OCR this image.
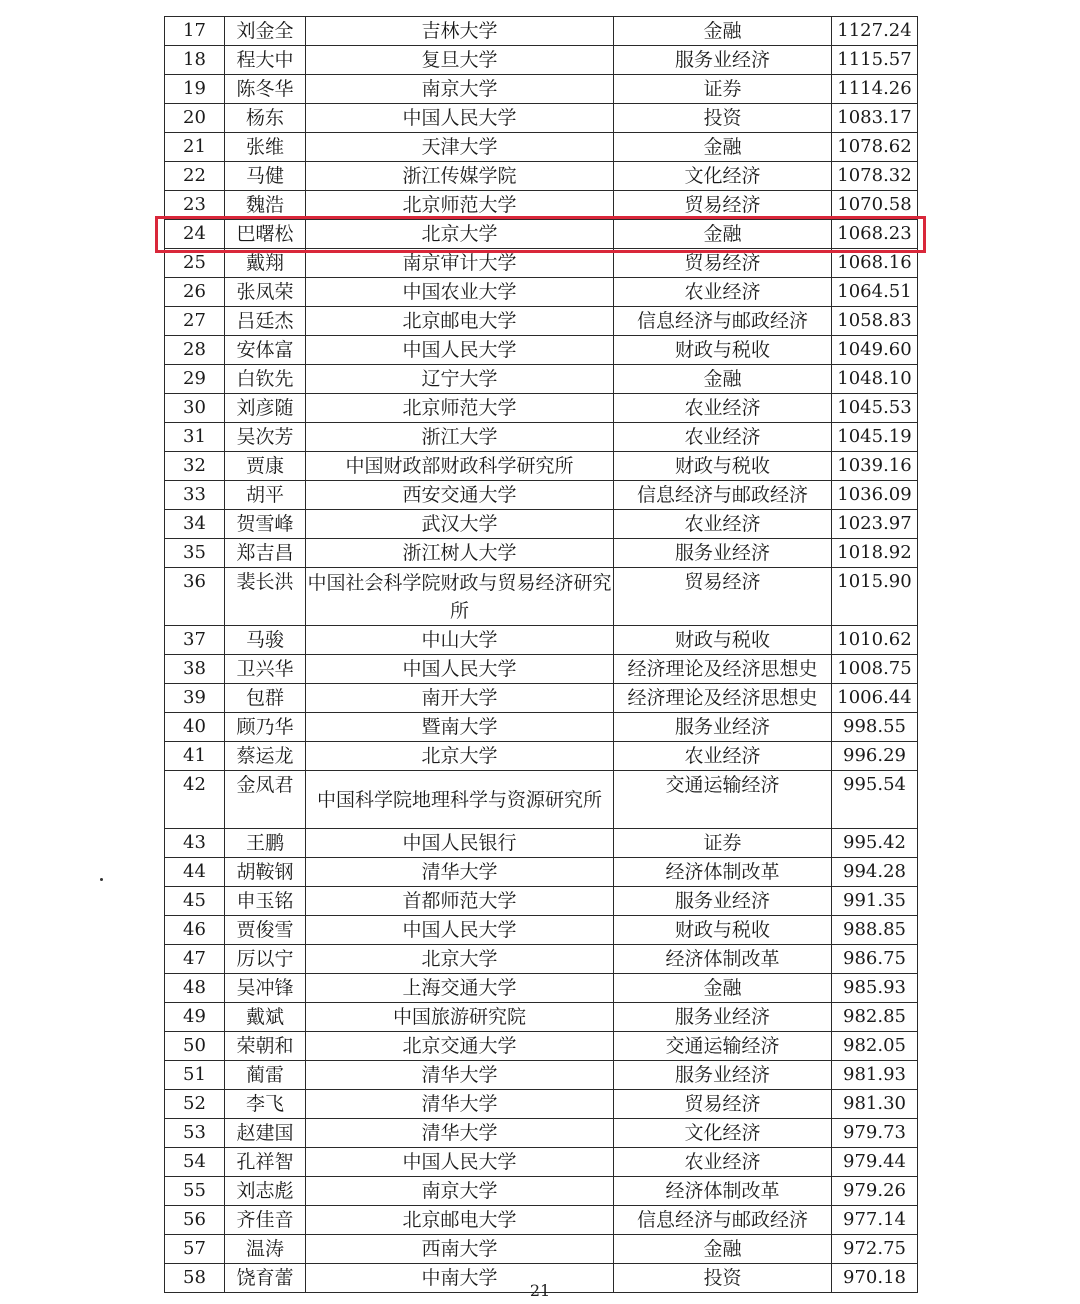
17	刘金全	吉林大学	金融	1127.24
18	程大中	复旦大学	服务业经济	1115.57
19	陈冬华	南京大学	证券	1114.26
20	杨东	中国人民大学	投资	1083.17
21	张维	天津大学	金融	1078.62
22	马健	浙江传媒学院	文化经济	1078.32
23	魏浩	北京师范大学	贸易经济	1070.58
24	巴曙松	北京大学	金融	1068.23
25	戴翔	南京审计大学	贸易经济	1068.16
26	张凤荣	中国农业大学	农业经济	1064.51
27	吕廷杰	北京邮电大学	信息经济与邮政经济	1058.83
28	安体富	中国人民大学	财政与税收	1049.60
29	白钦先	辽宁大学	金融	1048.10
30	刘彦随	北京师范大学	农业经济	1045.53
31	吴次芳	浙江大学	农业经济	1045.19
32	贾康	中国财政部财政科学研究所	财政与税收	1039.16
33	胡平	西安交通大学	信息经济与邮政经济	1036.09
34	贺雪峰	武汉大学	农业经济	1023.97
35	郑吉昌	浙江树人大学	服务业经济	1018.92
36	裴长洪	中国社会科学院财政与贸易经济研究所	贸易经济	1015.90
37	马骏	中山大学	财政与税收	1010.62
38	卫兴华	中国人民大学	经济理论及经济思想史	1008.75
39	包群	南开大学	经济理论及经济思想史	1006.44
40	顾乃华	暨南大学	服务业经济	998.55
41	蔡运龙	北京大学	农业经济	996.29
42	金凤君	中国科学院地理科学与资源研究所	交通运输经济	995.54
43	王鹏	中国人民银行	证券	995.42
44	胡鞍钢	清华大学	经济体制改革	994.28
45	申玉铭	首都师范大学	服务业经济	991.35
46	贾俊雪	中国人民大学	财政与税收	988.85
47	厉以宁	北京大学	经济体制改革	986.75
48	吴冲锋	上海交通大学	金融	985.93
49	戴斌	中国旅游研究院	服务业经济	982.85
50	荣朝和	北京交通大学	交通运输经济	982.05
51	蔺雷	清华大学	服务业经济	981.93
52	李飞	清华大学	贸易经济	981.30
53	赵建国	清华大学	文化经济	979.73
54	孔祥智	中国人民大学	农业经济	979.44
55	刘志彪	南京大学	经济体制改革	979.26
56	齐佳音	北京邮电大学	信息经济与邮政经济	977.14
57	温涛	西南大学	金融	972.75
58	饶育蕾	中南大学	投资	970.18
21
